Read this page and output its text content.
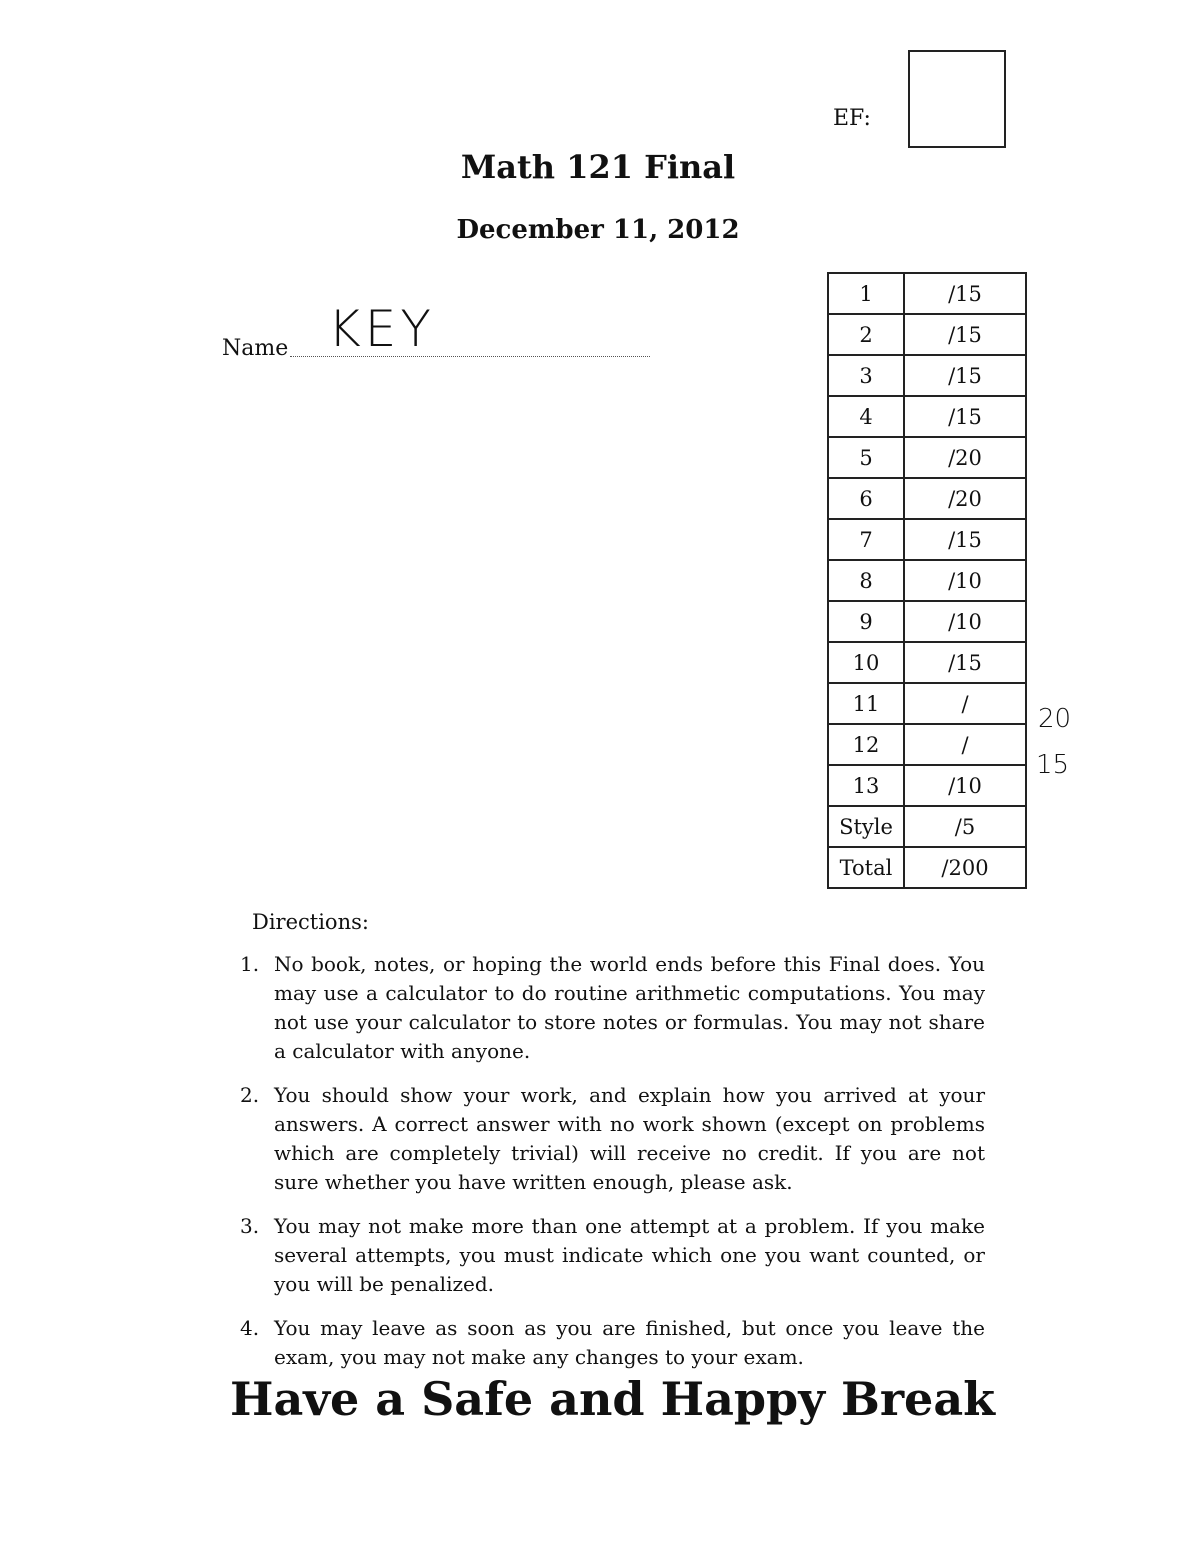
EF:
Math 121 Final
December 11, 2012
Name KEY
1	/15
2	/15
3	/15
4	/15
5	/20
6	/20
7	/15
8	/10
9	/10
10	/15
11	/
12	/
13	/10
Style	/5
Total	/200
20
15
Directions:
1. No book, notes, or hoping the world ends before this Final does. You may use a calculator to do routine arithmetic computations. You may not use your calculator to store notes or formulas. You may not share a calculator with anyone.
2. You should show your work, and explain how you arrived at your answers. A correct answer with no work shown (except on problems which are completely trivial) will receive no credit. If you are not sure whether you have written enough, please ask.
3. You may not make more than one attempt at a problem. If you make several attempts, you must indicate which one you want counted, or you will be penalized.
4. You may leave as soon as you are finished, but once you leave the exam, you may not make any changes to your exam.
Have a Safe and Happy Break
